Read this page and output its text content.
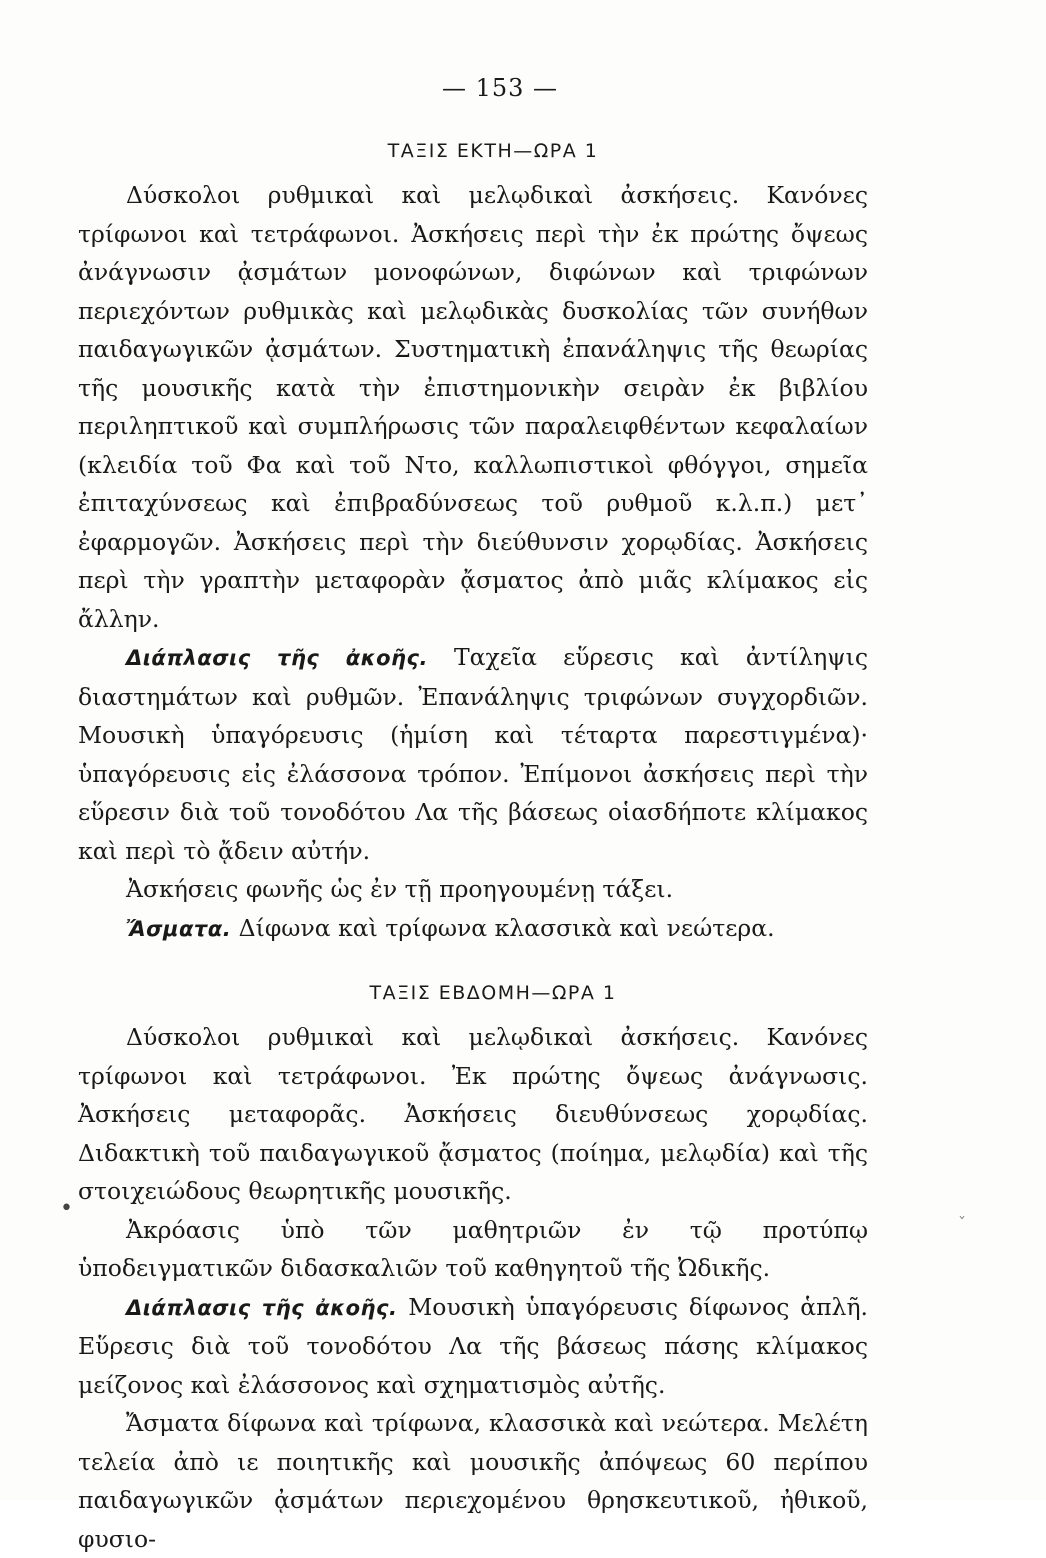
— 153 —
ΤΑΞΙΣ ΕΚΤΗ—ΩΡΑ 1

Δύσκολοι ρυθμικαὶ καὶ μελῳδικαὶ ἀσκήσεις. Κανόνες τρίφωνοι καὶ τετράφωνοι. Ἀσκήσεις περὶ τὴν ἐκ πρώτης ὄψεως ἀνάγνωσιν ᾀσμάτων μονοφώνων, διφώνων καὶ τριφώνων περιεχόντων ρυθμικὰς καὶ μελῳδικὰς δυσκολίας τῶν συνήθων παιδαγωγικῶν ᾀσμάτων. Συστηματικὴ ἐπανάληψις τῆς θεωρίας τῆς μουσικῆς κατὰ τὴν ἐπιστημονικὴν σειρὰν ἐκ βιβλίου περιληπτικοῦ καὶ συμπλήρωσις τῶν παραλειφθέντων κεφαλαίων (κλειδία τοῦ Φα καὶ τοῦ Ντο, καλλωπιστικοὶ φθόγγοι, σημεῖα ἐπιταχύνσεως καὶ ἐπιβραδύνσεως τοῦ ρυθμοῦ κ.λ.π.) μετ᾽ ἐφαρμογῶν. Ἀσκήσεις περὶ τὴν διεύθυνσιν χορῳδίας. Ἀσκήσεις περὶ τὴν γραπτὴν μεταφορὰν ᾄσματος ἀπὸ μιᾶς κλίμακος εἰς ἄλλην.

Διάπλασις τῆς ἀκοῆς. Ταχεῖα εὕρεσις καὶ ἀντίληψις διαστημάτων καὶ ρυθμῶν. Ἐπανάληψις τριφώνων συγχορδιῶν. Μουσικὴ ὑπαγόρευσις (ἡμίση καὶ τέταρτα παρεστιγμένα)· ὑπαγόρευσις εἰς ἐλάσσονα τρόπον. Ἐπίμονοι ἀσκήσεις περὶ τὴν εὕρεσιν διὰ τοῦ τονοδότου Λα τῆς βάσεως οἱασδήποτε κλίμακος καὶ περὶ τὸ ᾄδειν αὐτήν.

Ἀσκήσεις φωνῆς ὡς ἐν τῇ προηγουμένῃ τάξει.

Ἄσματα. Δίφωνα καὶ τρίφωνα κλασσικὰ καὶ νεώτερα.

ΤΑΞΙΣ ΕΒΔΟΜΗ—ΩΡΑ 1

Δύσκολοι ρυθμικαὶ καὶ μελῳδικαὶ ἀσκήσεις. Κανόνες τρίφωνοι καὶ τετράφωνοι. Ἐκ πρώτης ὄψεως ἀνάγνωσις. Ἀσκήσεις μεταφορᾶς. Ἀσκήσεις διευθύνσεως χορῳδίας. Διδακτικὴ τοῦ παιδαγωγικοῦ ᾄσματος (ποίημα, μελῳδία) καὶ τῆς στοιχειώδους θεωρητικῆς μουσικῆς.

Ἀκρόασις ὑπὸ τῶν μαθητριῶν ἐν τῷ προτύπῳ ὑποδειγματικῶν διδασκαλιῶν τοῦ καθηγητοῦ τῆς Ὠδικῆς.

Διάπλασις τῆς ἀκοῆς. Μουσικὴ ὑπαγόρευσις δίφωνος ἁπλῆ. Εὕρεσις διὰ τοῦ τονοδότου Λα τῆς βάσεως πάσης κλίμακος μείζονος καὶ ἐλάσσονος καὶ σχηματισμὸς αὐτῆς.

Ἄσματα δίφωνα καὶ τρίφωνα, κλασσικὰ καὶ νεώτερα. Μελέτη τελεία ἀπὸ ιε ποιητικῆς καὶ μουσικῆς ἀπόψεως 60 περίπου παιδαγωγικῶν ᾀσμάτων περιεχομένου θρησκευτικοῦ, ἠθικοῦ, φυσιο-

•
ˇ
